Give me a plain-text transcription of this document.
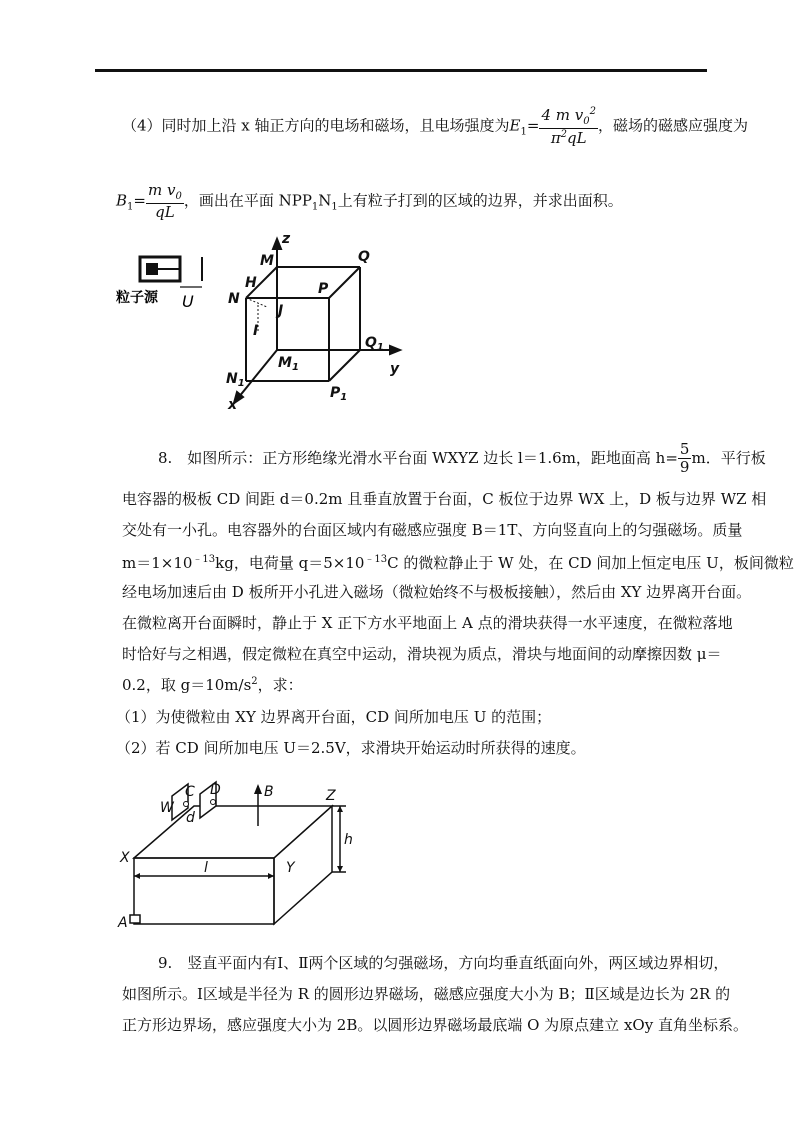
（4）同时加上沿 x 轴正方向的电场和磁场，且电场强度为$E_1= \frac{4 m v_0^2}{\pi^2qL}$ ，磁场的磁感应强度为
$B_1= \frac{m v_0}{qL}$ ，画出在平面 $NPP_1N_1$上有粒子打到的区域的边界，并求出面积。
粒子源 U
z
M	Q
H
N
P
J
I
$Q_1$
$M_1$	y
$N_1$
$P_1$
x
8.　如图所示：正方形绝缘光滑水平台面 WXYZ 边长 l＝1.6m，距地面高 $h= \frac{5}{9}$ m．平行板
电容器的极板 CD 间距 d＝0.2m 且垂直放置于台面，C 板位于边界 WX 上，D 板与边界 WZ 相
交处有一小孔。电容器外的台面区域内有磁感应强度 B＝1T、方向竖直向上的匀强磁场。质量
$m=1\times 10^{﹣13}kg$，电荷量 $q=5\times 10^{﹣13}C$ 的微粒静止于 W 处，在 CD 间加上恒定电压 U，板间微粒
经电场加速后由 D 板所开小孔进入磁场（微粒始终不与极板接触），然后由 XY 边界离开台面。
在微粒离开台面瞬时，静止于 X 正下方水平地面上 A 点的滑块获得一水平速度，在微粒落地
时恰好与之相遇，假定微粒在真空中运动，滑块视为质点，滑块与地面间的动摩擦因数 μ＝
0.2，取 $g=10m/s^2$，求：
（1）为使微粒由 XY 边界离开台面，CD 间所加电压 U 的范围；
（2）若 CD 间所加电压 U＝2.5V，求滑块开始运动时所获得的速度。
W
C D
d
B	Z
h
X
l	Y
A
9.　竖直平面内有Ⅰ、Ⅱ两个区域的匀强磁场，方向均垂直纸面向外，两区域边界相切，
如图所示。Ⅰ区域是半径为 R 的圆形边界磁场，磁感应强度大小为 B；Ⅱ区域是边长为 2R 的
正方形边界场，感应强度大小为 2B。以圆形边界磁场最底端 O 为原点建立 xOy 直角坐标系。
